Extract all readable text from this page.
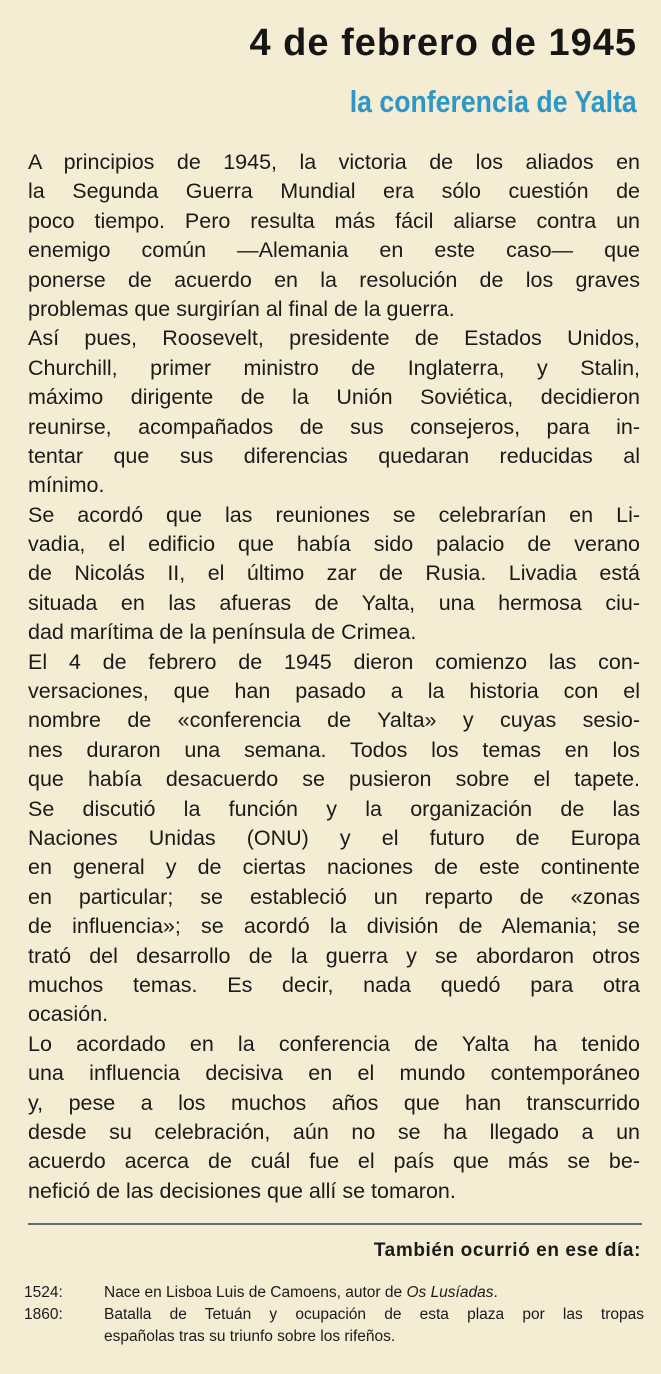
4 de febrero de 1945
la conferencia de Yalta

A principios de 1945, la victoria de los aliados en
la Segunda Guerra Mundial era sólo cuestión de
poco tiempo. Pero resulta más fácil aliarse contra un
enemigo común —Alemania en este caso— que
ponerse de acuerdo en la resolución de los graves
problemas que surgirían al final de la guerra.

Así pues, Roosevelt, presidente de Estados Unidos,
Churchill, primer ministro de Inglaterra, y Stalin,
máximo dirigente de la Unión Soviética, decidieron
reunirse, acompañados de sus consejeros, para in-
tentar que sus diferencias quedaran reducidas al
mínimo.

Se acordó que las reuniones se celebrarían en Li-
vadia, el edificio que había sido palacio de verano
de Nicolás II, el último zar de Rusia. Livadia está
situada en las afueras de Yalta, una hermosa ciu-
dad marítima de la península de Crimea.

El 4 de febrero de 1945 dieron comienzo las con-
versaciones, que han pasado a la historia con el
nombre de «conferencia de Yalta» y cuyas sesio-
nes duraron una semana. Todos los temas en los
que había desacuerdo se pusieron sobre el tapete.
Se discutió la función y la organización de las
Naciones Unidas (ONU) y el futuro de Europa
en general y de ciertas naciones de este continente
en particular; se estableció un reparto de «zonas
de influencia»; se acordó la división de Alemania; se
trató del desarrollo de la guerra y se abordaron otros
muchos temas. Es decir, nada quedó para otra
ocasión.

Lo acordado en la conferencia de Yalta ha tenido
una influencia decisiva en el mundo contemporáneo
y, pese a los muchos años que han transcurrido
desde su celebración, aún no se ha llegado a un
acuerdo acerca de cuál fue el país que más se be-
nefició de las decisiones que allí se tomaron.

También ocurrió en ese día:
1524:	Nace en Lisboa Luis de Camoens, autor de Os Lusíadas.
1860:	Batalla de Tetuán y ocupación de esta plaza por las tropas
españolas tras su triunfo sobre los rifeños.
